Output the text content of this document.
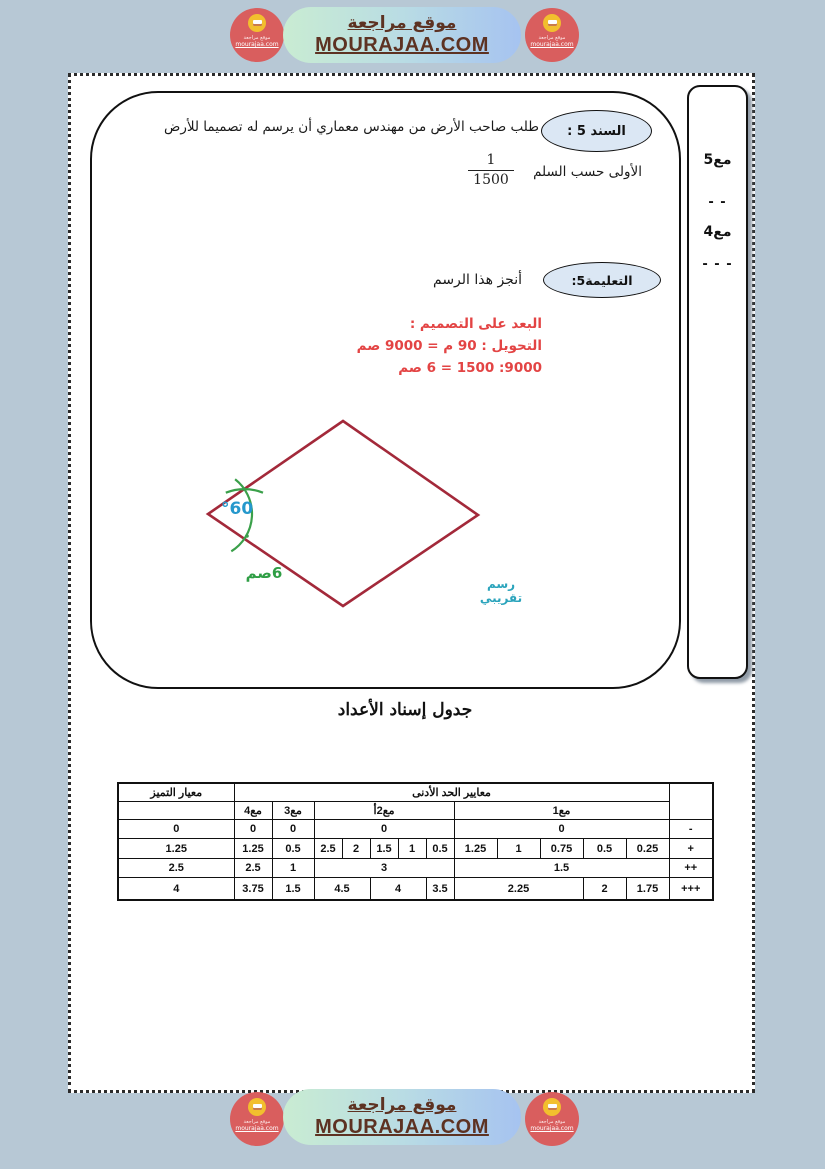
موقع مراجعة
mourajaa.com
موقع مراجعة
MOURAJAA.COM	موقع مراجعة
mourajaa.com
السند 5 :
طلب صاحب الأرض من مهندس معماري أن يرسم له تصميما للأرض
الأولى حسب السلم
$\frac{1}{1500}$
التعليمة5:
أنجز هذا الرسم
البعد على التصميم :
التحويل : 90 م = 9000 صم
9000: 1500 = 6 صم
°60
6صم
رسم تقريبي
مع5
- -
مع4
- - -
جدول إسناد الأعداد
معيار التميز	معايير الحد الأدنى												
	مع4	مع3	مع2أ					مع1					
0	0	0	0					0					-
1.25	1.25	0.5	2.5	2	1.5	1	0.5	1.25	1	0.75	0.5	0.25	+
2.5	2.5	1	3					1.5					++
4	3.75	1.5	4.5		4		3.5	2.25			2	1.75	+++
موقع مراجعة
mourajaa.com
موقع مراجعة
MOURAJAA.COM	موقع مراجعة
mourajaa.com
